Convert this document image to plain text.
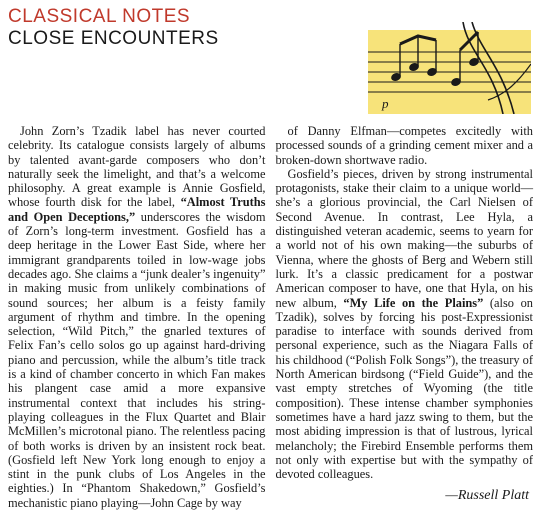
CLASSICAL NOTES
CLOSE ENCOUNTERS
p

John Zorn’s Tzadik label has never courted celebrity. Its catalogue consists largely of albums by talented avant-garde composers who don’t naturally seek the limelight, and that’s a welcome philosophy. A great example is Annie Gosfield, whose fourth disk for the label, “Almost Truths and Open Deceptions,” underscores the wisdom of Zorn’s long-term investment. Gosfield has a deep heritage in the Lower East Side, where her immigrant grandparents toiled in low-wage jobs decades ago. She claims a “junk dealer’s ingenuity” in making music from unlikely combinations of sound sources; her album is a feisty family argument of rhythm and timbre. In the opening selection, “Wild Pitch,” the gnarled textures of Felix Fan’s cello solos go up against hard-driving piano and percussion, while the album’s title track is a kind of chamber concerto in which Fan makes his plangent case amid a more expansive instrumental context that includes his string-playing colleagues in the Flux Quartet and Blair McMillen’s microtonal piano. The relentless pacing of both works is driven by an insistent rock beat. (Gosfield left New York long enough to enjoy a stint in the punk clubs of Los Angeles in the eighties.) In “Phantom Shakedown,” Gosfield’s mechanistic piano playing—John Cage by way

of Danny Elfman—competes excitedly with processed sounds of a grinding cement mixer and a broken-down shortwave radio.

Gosfield’s pieces, driven by strong instrumental protagonists, stake their claim to a unique world—she’s a glorious provincial, the Carl Nielsen of Second Avenue. In contrast, Lee Hyla, a distinguished veteran academic, seems to yearn for a world not of his own making—the suburbs of Vienna, where the ghosts of Berg and Webern still lurk. It’s a classic predicament for a postwar American composer to have, one that Hyla, on his new album, “My Life on the Plains” (also on Tzadik), solves by forcing his post-Expressionist paradise to interface with sounds derived from personal experience, such as the Niagara Falls of his childhood (“Polish Folk Songs”), the treasury of North American birdsong (“Field Guide”), and the vast empty stretches of Wyoming (the title composition). These intense chamber symphonies sometimes have a hard jazz swing to them, but the most abiding impression is that of lustrous, lyrical melancholy; the Firebird Ensemble performs them not only with expertise but with the sympathy of devoted colleagues.

—Russell Platt
